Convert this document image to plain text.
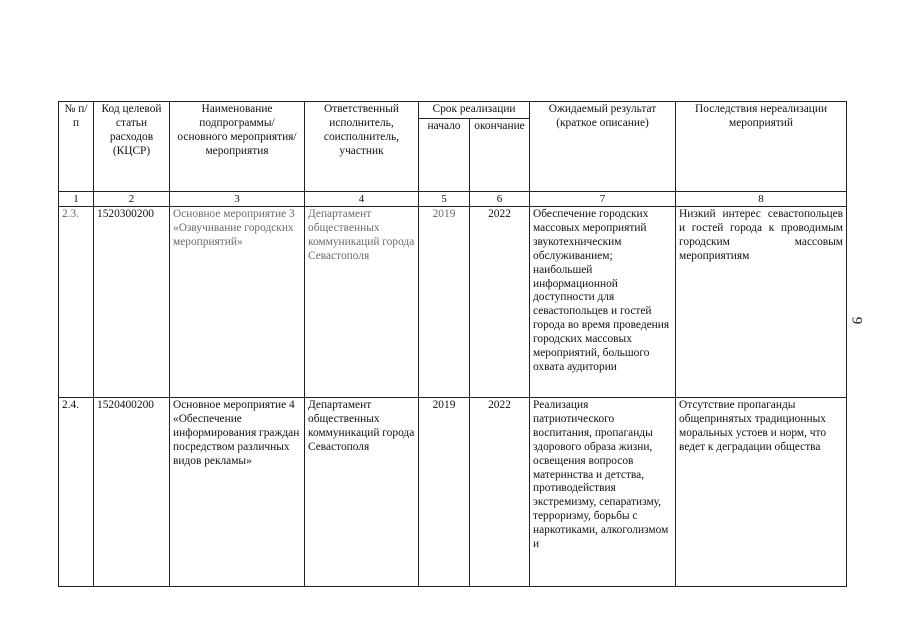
9
№ п/п	Код целевой статьи расходов (КЦСР)	Наименование подпрограммы/ основного мероприятия/ мероприятия	Ответственный исполнитель, соисполнитель, участник	Срок реализации		Ожидаемый результат (краткое описание)	Последствия нереализации мероприятий
				начало	окончание		
1	2	3	4	5	6	7	8
2.3.	1520300200	Основное мероприятие 3 «Озвучивание городских мероприятий»	Департамент общественных коммуникаций города Севастополя	2019	2022	Обеспечение городских массовых мероприятий звукотехническим обслуживанием; наибольшей информационной доступности для севастопольцев и гостей города во время проведения городских массовых мероприятий, большого охвата аудитории	Низкий интерес севастопольцев и гостей города к проводимым городским массовым мероприятиям
2.4.	1520400200	Основное мероприятие 4 «Обеспечение информирования граждан посредством различных видов рекламы»	Департамент общественных коммуникаций города Севастополя	2019	2022	Реализация патриотического воспитания, пропаганды здорового образа жизни, освещения вопросов материнства и детства, противодействия экстремизму, сепаратизму, терроризму, борьбы с наркотиками, алкоголизмом и	Отсутствие пропаганды общепринятых традиционных моральных устоев и норм, что ведет к деградации общества
